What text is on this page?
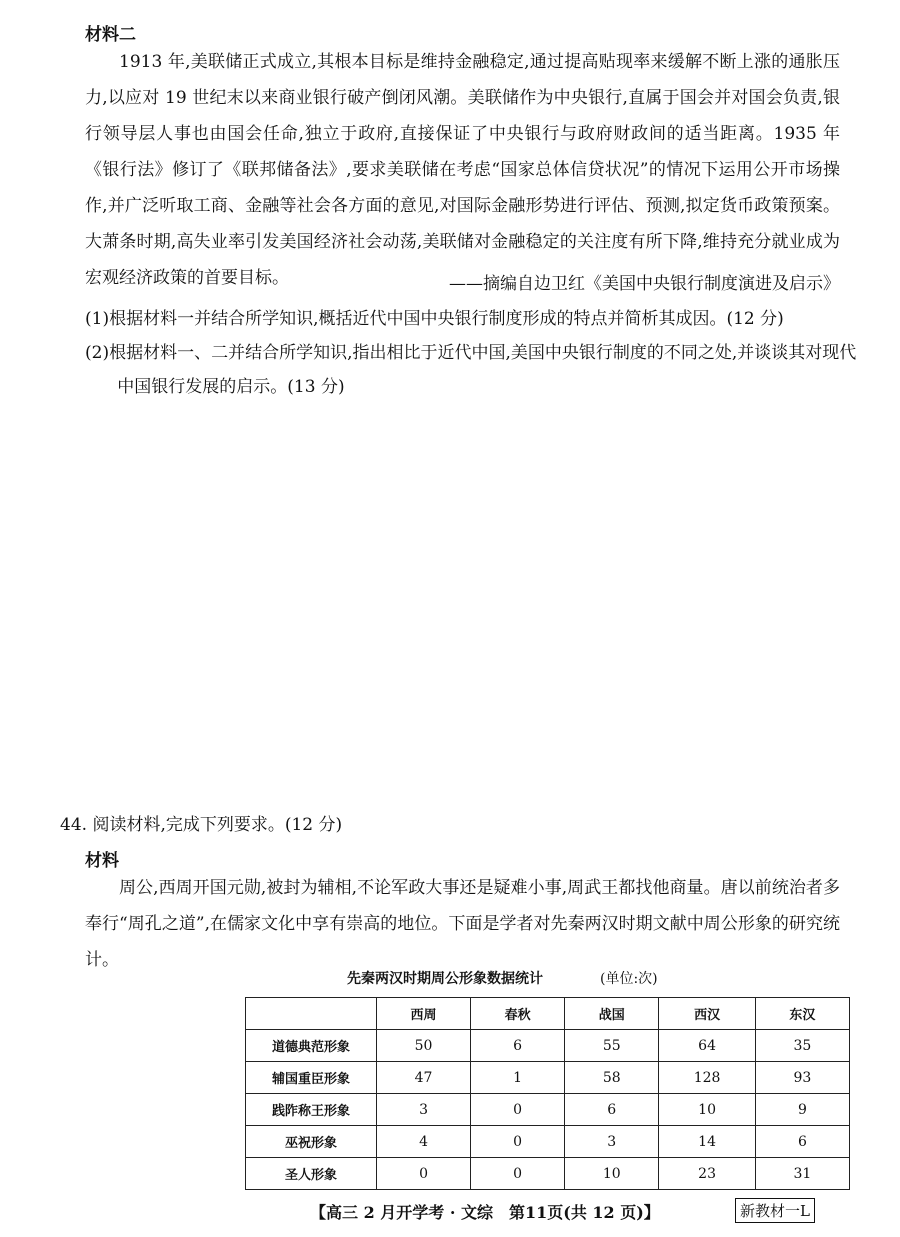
材料二

1913 年,美联储正式成立,其根本目标是维持金融稳定,通过提高贴现率来缓解不断上涨的通胀压力,以应对 19 世纪末以来商业银行破产倒闭风潮。美联储作为中央银行,直属于国会并对国会负责,银行领导层人事也由国会任命,独立于政府,直接保证了中央银行与政府财政间的适当距离。1935 年《银行法》修订了《联邦储备法》,要求美联储在考虑“国家总体信贷状况”的情况下运用公开市场操作,并广泛听取工商、金融等社会各方面的意见,对国际金融形势进行评估、预测,拟定货币政策预案。大萧条时期,高失业率引发美国经济社会动荡,美联储对金融稳定的关注度有所下降,维持充分就业成为宏观经济政策的首要目标。	——摘编自边卫红《美国中央银行制度演进及启示》
(1)根据材料一并结合所学知识,概括近代中国中央银行制度形成的特点并简析其成因。(12 分)
(2)根据材料一、二并结合所学知识,指出相比于近代中国,美国中央银行制度的不同之处,并谈谈其对现代中国银行发展的启示。(13 分)
44. 阅读材料,完成下列要求。(12 分)
材料

周公,西周开国元勋,被封为辅相,不论军政大事还是疑难小事,周武王都找他商量。唐以前统治者多奉行“周孔之道”,在儒家文化中享有崇高的地位。下面是学者对先秦两汉时期文献中周公形象的研究统计。

先秦两汉时期周公形象数据统计	(单位:次)
	西周	春秋	战国	西汉	东汉
道德典范形象	50	6	55	64	35
辅国重臣形象	47	1	58	128	93
践阼称王形象	3	0	6	10	9
巫祝形象	4	0	3	14	6
圣人形象	0	0	10	23	31
【高三 2 月开学考 · 文综　第11页(共 12 页)】	新教材一L
